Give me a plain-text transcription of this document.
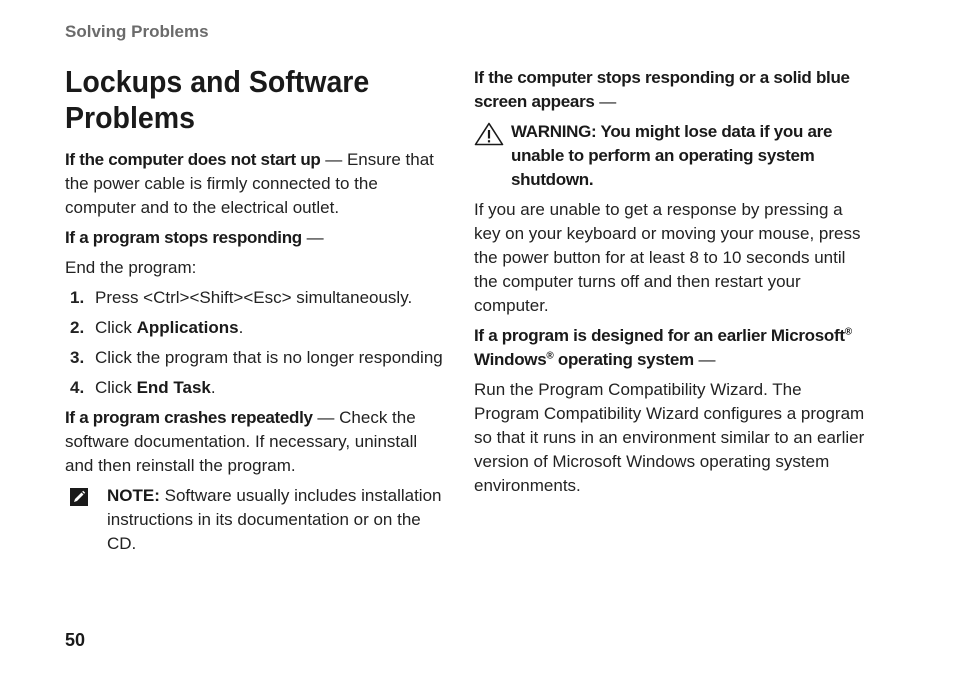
Solving Problems
Lockups and Software Problems

If the computer does not start up — Ensure that the power cable is firmly connected to the computer and to the electrical outlet.

If a program stops responding —

End the program:

1. Press <Ctrl><Shift><Esc> simultaneously.
2. Click Applications.
3. Click the program that is no longer responding
4. Click End Task.

If a program crashes repeatedly — Check the software documentation. If necessary, uninstall and then reinstall the program.

NOTE: Software usually includes installation instructions in its documentation or on the CD.

If the computer stops responding or a solid blue screen appears —

WARNING: You might lose data if you are unable to perform an operating system shutdown.

If you are unable to get a response by pressing a key on your keyboard or moving your mouse, press the power button for at least 8 to 10 seconds until the computer turns off and then restart your computer.

If a program is designed for an earlier Microsoft® Windows® operating system —

Run the Program Compatibility Wizard. The Program Compatibility Wizard configures a program so that it runs in an environment similar to an earlier version of Microsoft Windows operating system environments.

50
